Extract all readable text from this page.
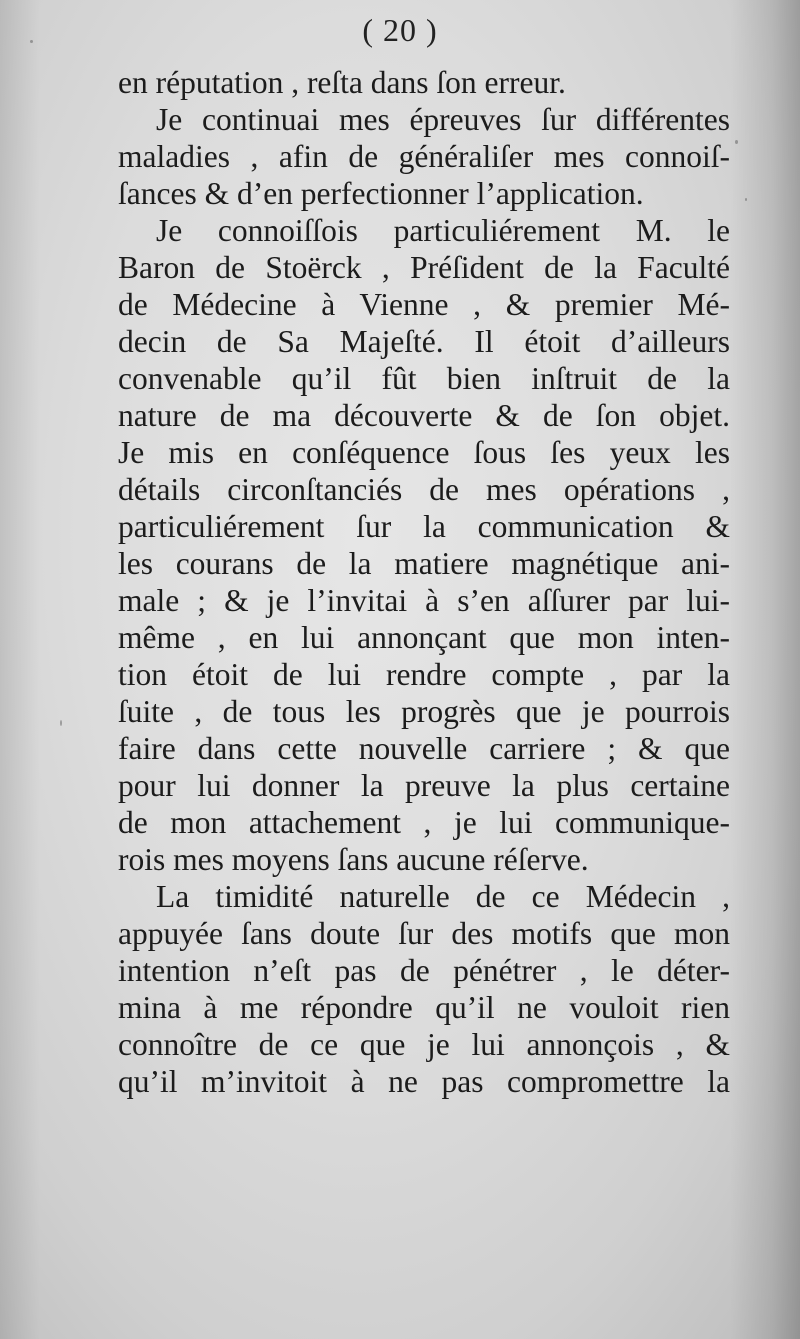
( 20 )
en réputation , reſta dans ſon erreur.
Je continuai mes épreuves ſur différentes
maladies , afin de généraliſer mes connoiſ-
ſances & d’en perfectionner l’application.
Je connoiſſois particuliérement M. le
Baron de Stoërck , Préſident de la Faculté
de Médecine à Vienne , & premier Mé-
decin de Sa Majeſté. Il étoit d’ailleurs
convenable qu’il fût bien inſtruit de la
nature de ma découverte & de ſon objet.
Je mis en conſéquence ſous ſes yeux les
détails circonſtanciés de mes opérations ,
particuliérement ſur la communication &
les courans de la matiere magnétique ani-
male ; & je l’invitai à s’en aſſurer par lui-
même , en lui annonçant que mon inten-
tion étoit de lui rendre compte , par la
ſuite , de tous les progrès que je pourrois
faire dans cette nouvelle carriere ; & que
pour lui donner la preuve la plus certaine
de mon attachement , je lui communique-
rois mes moyens ſans aucune réſerve.
La timidité naturelle de ce Médecin ,
appuyée ſans doute ſur des motifs que mon
intention n’eſt pas de pénétrer , le déter-
mina à me répondre qu’il ne vouloit rien
connoître de ce que je lui annonçois , &
qu’il m’invitoit à ne pas compromettre la
